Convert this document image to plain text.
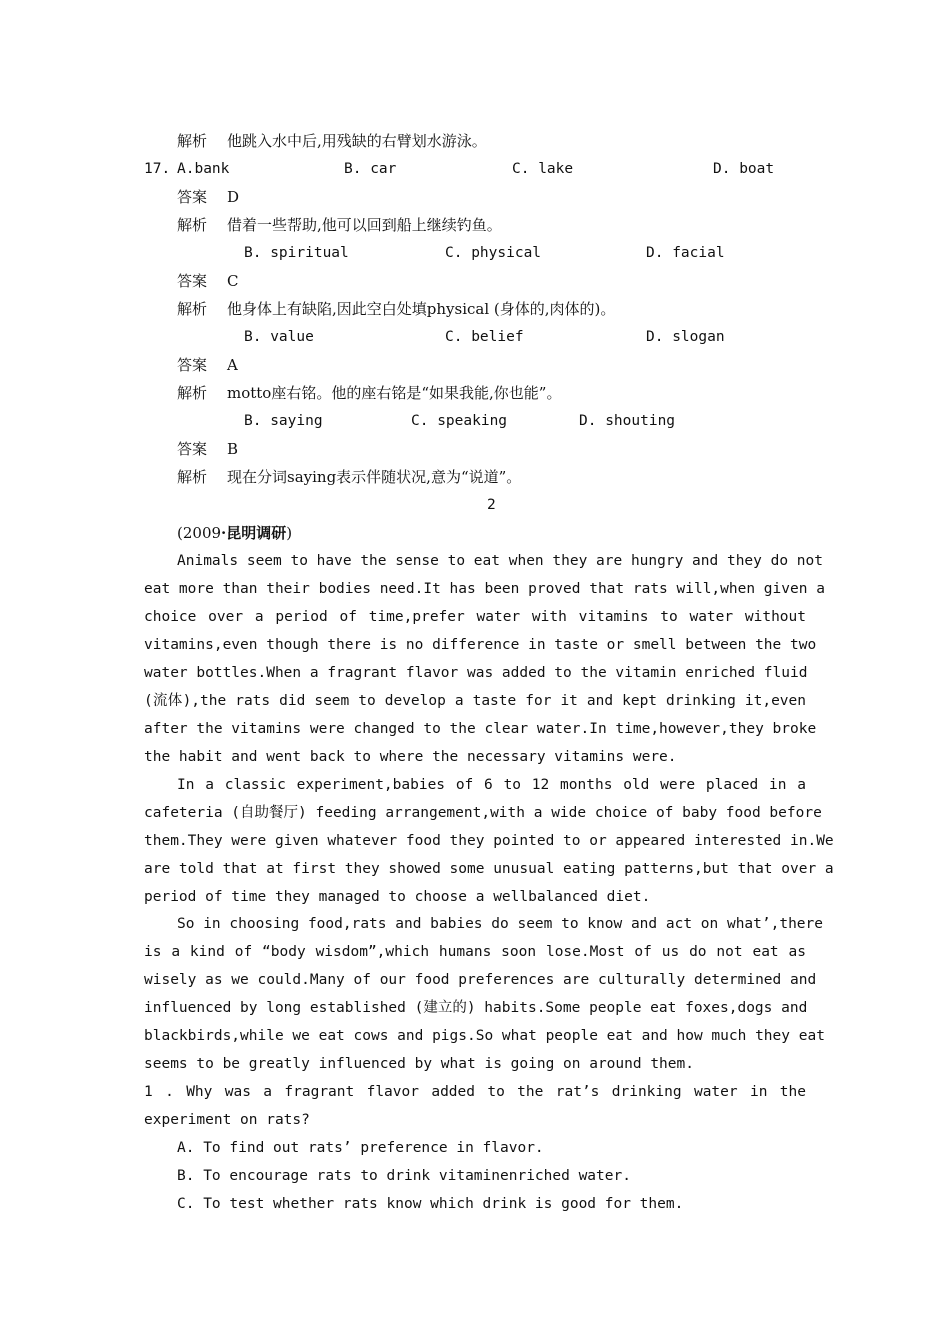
解析 他跳入水中后,用残缺的右臂划水游泳。
17. A.bank	B. car	C. lake	D. boat
答案 D
解析 借着一些帮助,他可以回到船上继续钓鱼。
B. spiritual	C. physical	D. facial
答案 C
解析 他身体上有缺陷,因此空白处填physical (身体的,肉体的)。
B. value	C. belief	D. slogan
答案 A
解析 motto座右铭。他的座右铭是“如果我能,你也能”。
B. saying	C. speaking	D. shouting
答案 B
解析 现在分词saying表示伴随状况,意为“说道”。
2
(2009·昆明调研)
Animals seem to have the sense to eat when they are hungry and they do not
eat more than their bodies need.It has been proved that rats will,when given a
choice over a period of time,prefer water with vitamins to water without
vitamins,even though there is no difference in taste or smell between the two
water bottles.When a fragrant flavor was added to the vitamin enriched fluid
(流体),the rats did seem to develop a taste for it and kept drinking it,even
after the vitamins were changed to the clear water.In time,however,they broke
the habit and went back to where the necessary vitamins were.
In a classic experiment,babies of 6 to 12 months old were placed in a
cafeteria (自助餐厅) feeding arrangement,with a wide choice of baby food before
them.They were given whatever food they pointed to or appeared interested in.We
are told that at first they showed some unusual eating patterns,but that over a
period of time they managed to choose a wellbalanced diet.
So in choosing food,rats and babies do seem to know and act on what’,there
is a kind of “body wisdom”,which humans soon lose.Most of us do not eat as
wisely as we could.Many of our food preferences are culturally determined and
influenced by long established (建立的) habits.Some people eat foxes,dogs and
blackbirds,while we eat cows and pigs.So what people eat and how much they eat
seems to be greatly influenced by what is going on around them.
1 . Why was a fragrant flavor added to the rat’s drinking water in the
experiment on rats?
A. To find out rats’ preference in flavor.
B. To encourage rats to drink vitaminenriched water.
C. To test whether rats know which drink is good for them.
